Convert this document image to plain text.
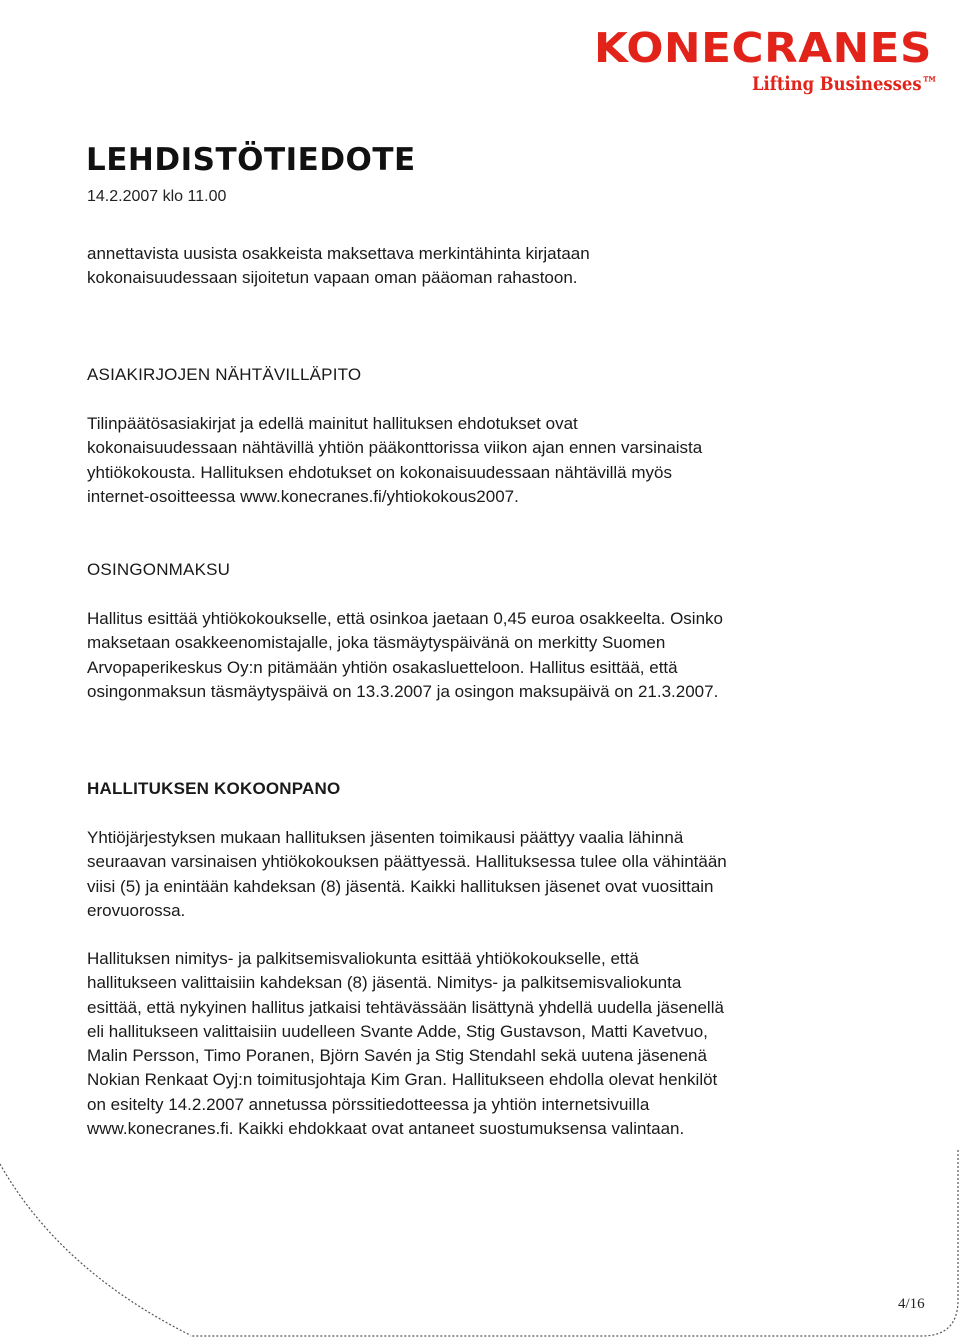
KONECRANES
Lifting Businesses™
LEHDISTÖTIEDOTE
14.2.2007 klo 11.00

annettavista uusista osakkeista maksettava merkintähinta kirjataan kokonaisuudessaan sijoitetun vapaan oman pääoman rahastoon.

ASIAKIRJOJEN NÄHTÄVILLÄPITO

Tilinpäätösasiakirjat ja edellä mainitut hallituksen ehdotukset ovat kokonaisuudessaan nähtävillä yhtiön pääkonttorissa viikon ajan ennen varsinaista yhtiökokousta. Hallituksen ehdotukset on kokonaisuudessaan nähtävillä myös internet-osoitteessa www.konecranes.fi/yhtiokokous2007.

OSINGONMAKSU

Hallitus esittää yhtiökokoukselle, että osinkoa jaetaan 0,45 euroa osakkeelta. Osinko maksetaan osakkeenomistajalle, joka täsmäytyspäivänä on merkitty Suomen Arvopaperikeskus Oy:n pitämään yhtiön osakasluetteloon. Hallitus esittää, että osingonmaksun täsmäytyspäivä on 13.3.2007 ja osingon maksupäivä on 21.3.2007.

HALLITUKSEN KOKOONPANO

Yhtiöjärjestyksen mukaan hallituksen jäsenten toimikausi päättyy vaalia lähinnä seuraavan varsinaisen yhtiökokouksen päättyessä. Hallituksessa tulee olla vähintään viisi (5) ja enintään kahdeksan (8) jäsentä. Kaikki hallituksen jäsenet ovat vuosittain erovuorossa.

Hallituksen nimitys- ja palkitsemisvaliokunta esittää yhtiökokoukselle, että hallitukseen valittaisiin kahdeksan (8) jäsentä. Nimitys- ja palkitsemisvaliokunta esittää, että nykyinen hallitus jatkaisi tehtävässään lisättynä yhdellä uudella jäsenellä eli hallitukseen valittaisiin uudelleen Svante Adde, Stig Gustavson, Matti Kavetvuo, Malin Persson, Timo Poranen, Björn Savén ja Stig Stendahl sekä uutena jäsenenä Nokian Renkaat Oyj:n toimitusjohtaja Kim Gran. Hallitukseen ehdolla olevat henkilöt on esitelty 14.2.2007 annetussa pörssitiedotteessa ja yhtiön internetsivuilla www.konecranes.fi. Kaikki ehdokkaat ovat antaneet suostumuksensa valintaan.

4/16
